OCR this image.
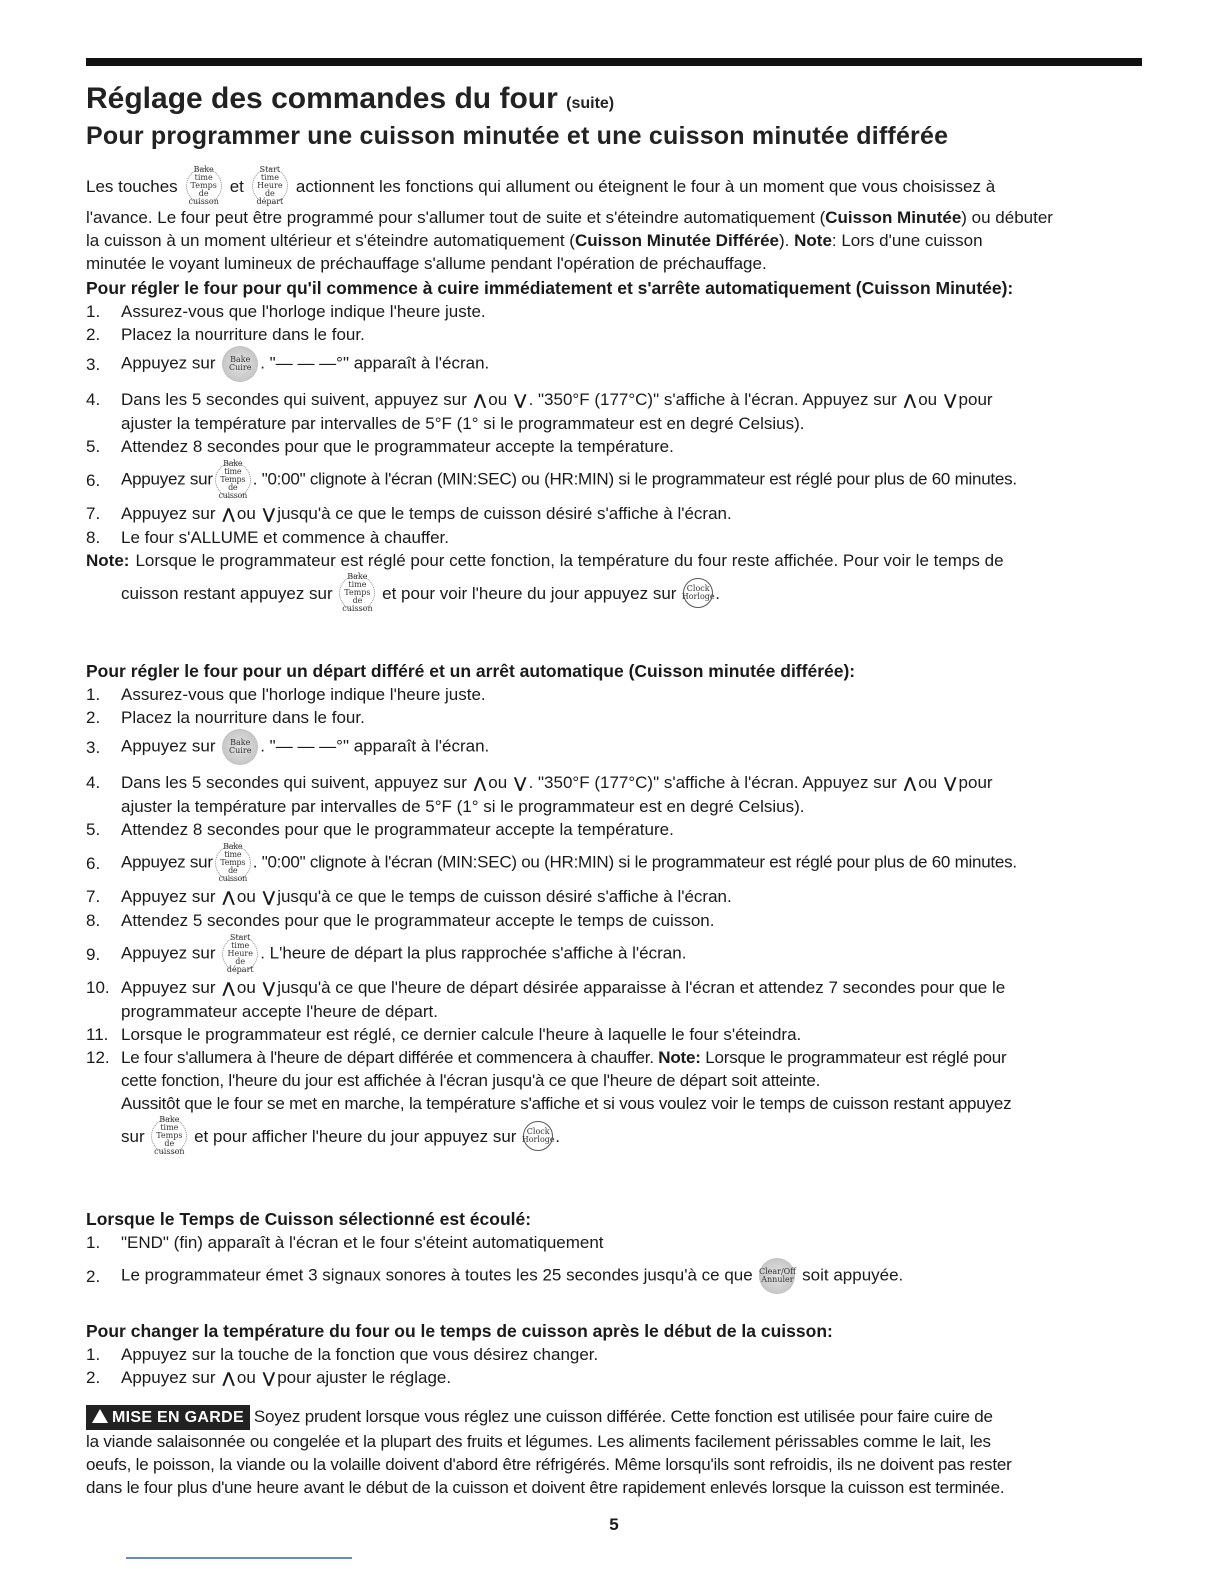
Réglage des commandes du four (suite)
Pour programmer une cuisson minutée et une cuisson minutée différée
Les touches
Bake time
Temps de
cuisson
et
Start time
Heure de
départ
actionnent les fonctions qui allument ou éteignent le four à un moment que vous choisissez à
l'avance. Le four peut être programmé pour s'allumer tout de suite et s'éteindre automatiquement (Cuisson Minutée) ou débuter
la cuisson à un moment ultérieur et s'éteindre automatiquement (Cuisson Minutée Différée). Note: Lors d'une cuisson
minutée le voyant lumineux de préchauffage s'allume pendant l'opération de préchauffage.
Pour régler le four pour qu'il commence à cuire immédiatement et s'arrête automatiquement (Cuisson Minutée):
1.	Assurez-vous que l'horloge indique l'heure juste.
2.	Placez la nourriture dans le four.
3.	Appuyez sur Bake
Cuire . "— — —°" apparaît à l'écran.
4.	Dans les 5 secondes qui suivent, appuyez sur ⋀ ou ⋁ . "350°F (177°C)" s'affiche à l'écran. Appuyez sur ⋀ ou ⋁ pour
ajuster la température par intervalles de 5°F (1° si le programmateur est en degré Celsius).
5.	Attendez 8 secondes pour que le programmateur accepte la température.
6.	Appuyez sur
Bake time
Temps de
cuisson
. "0:00" clignote à l'écran (MIN:SEC) ou (HR:MIN) si le programmateur est réglé pour plus de 60 minutes.
7.	Appuyez sur ⋀ ou ⋁ jusqu'à ce que le temps de cuisson désiré s'affiche à l'écran.
8.	Le four s'ALLUME et commence à chauffer.
Note: Lorsque le programmateur est réglé pour cette fonction, la température du four reste affichée. Pour voir le temps de
cuisson restant appuyez sur

Bake time
Temps de
cuisson

et pour voir l'heure du jour appuyez sur
Clock
Horloge .
Pour régler le four pour un départ différé et un arrêt automatique (Cuisson minutée différée):
1.	Assurez-vous que l'horloge indique l'heure juste.
2.	Placez la nourriture dans le four.
3.	Appuyez sur Bake
Cuire . "— — —°" apparaît à l'écran.
4.	Dans les 5 secondes qui suivent, appuyez sur ⋀ ou ⋁ . "350°F (177°C)" s'affiche à l'écran. Appuyez sur ⋀ ou ⋁ pour
ajuster la température par intervalles de 5°F (1° si le programmateur est en degré Celsius).
5.	Attendez 8 secondes pour que le programmateur accepte la température.
6.	Appuyez sur
Bake time
Temps de
cuisson
. "0:00" clignote à l'écran (MIN:SEC) ou (HR:MIN) si le programmateur est réglé pour plus de 60 minutes.
7.	Appuyez sur ⋀ ou ⋁ jusqu'à ce que le temps de cuisson désiré s'affiche à l'écran.
8.	Attendez 5 secondes pour que le programmateur accepte le temps de cuisson.
9.	Appuyez sur
Start time
Heure de
départ
. L'heure de départ la plus rapprochée s'affiche à l'écran.
10. Appuyez sur ⋀ ou ⋁ jusqu'à ce que l'heure de départ désirée apparaisse à l'écran et attendez 7 secondes pour que le
programmateur accepte l'heure de départ.
11. Lorsque le programmateur est réglé, ce dernier calcule l'heure à laquelle le four s'éteindra.
12. Le four s'allumera à l'heure de départ différée et commencera à chauffer. Note: Lorsque le programmateur est réglé pour
cette fonction, l'heure du jour est affichée à l'écran jusqu'à ce que l'heure de départ soit atteinte.
Aussitôt que le four se met en marche, la température s'affiche et si vous voulez voir le temps de cuisson restant appuyez
sur

Bake time
Temps de
cuisson

et pour afficher l'heure du jour appuyez sur
Clock
Horloge .
Lorsque le Temps de Cuisson sélectionné est écoulé:
1.	"END" (fin) apparaît à l'écran et le four s'éteint automatiquement
2.	Le programmateur émet 3 signaux sonores à toutes les 25 secondes jusqu'à ce que Clear/Off
Annuler soit appuyée.
Pour changer la température du four ou le temps de cuisson après le début de la cuisson:
1.	Appuyez sur la touche de la fonction que vous désirez changer.
2.	Appuyez sur ⋀ ou ⋁ pour ajuster le réglage.
MISE EN GARDE Soyez prudent lorsque vous réglez une cuisson différée. Cette fonction est utilisée pour faire cuire de
la viande salaisonnée ou congelée et la plupart des fruits et légumes. Les aliments facilement périssables comme le lait, les
oeufs, le poisson, la viande ou la volaille doivent d'abord être réfrigérés. Même lorsqu'ils sont refroidis, ils ne doivent pas rester
dans le four plus d'une heure avant le début de la cuisson et doivent être rapidement enlevés lorsque la cuisson est terminée.
5
